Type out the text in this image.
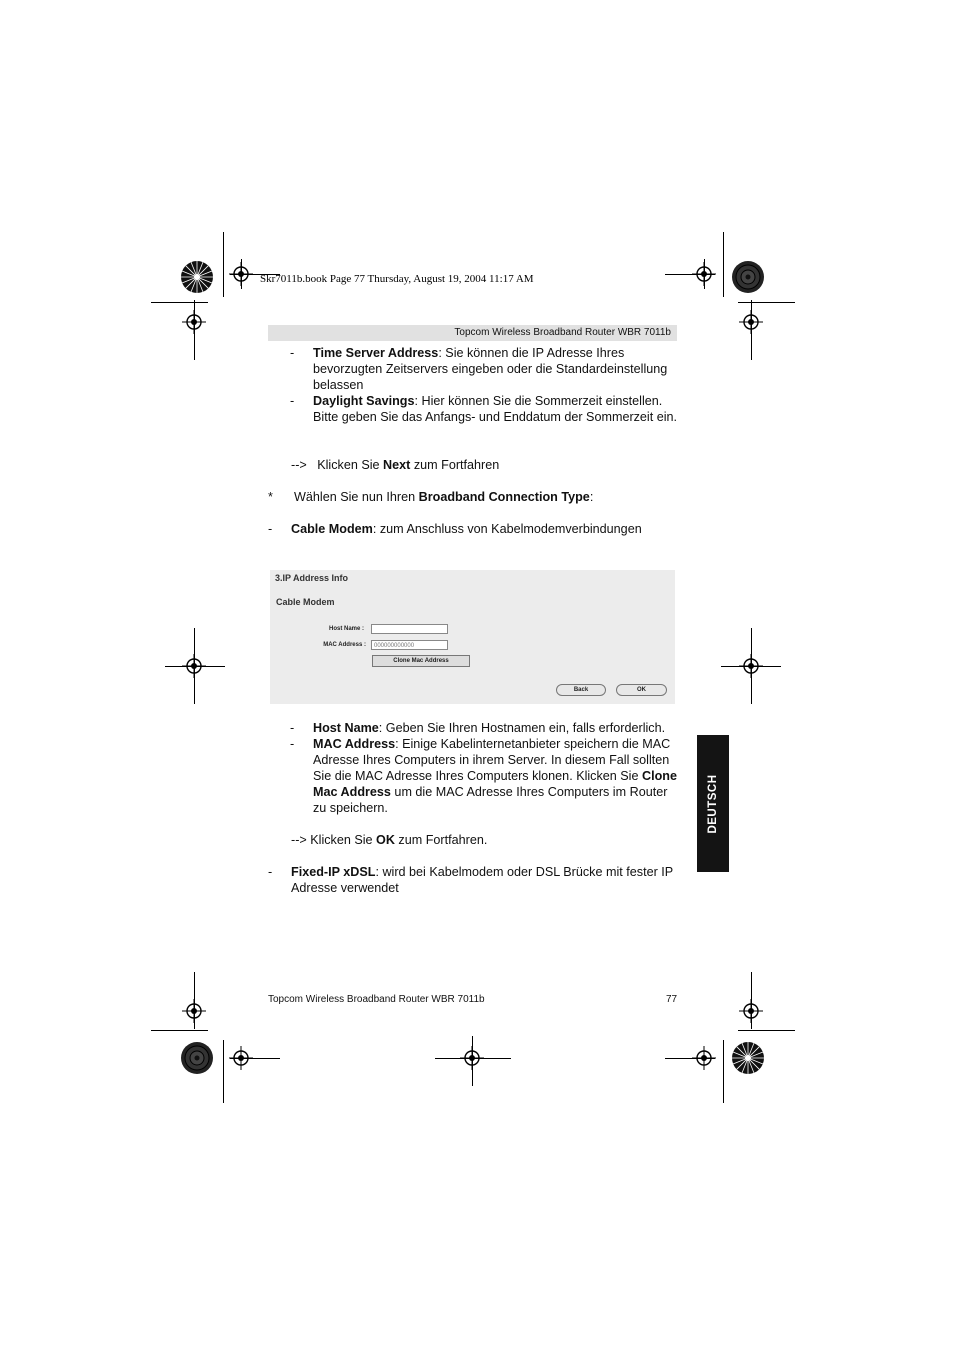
Skr7011b.book Page 77 Thursday, August 19, 2004 11:17 AM
Topcom Wireless Broadband Router WBR 7011b
- Time Server Address: Sie können die IP Adresse Ihres bevorzugten Zeitservers eingeben oder die Standardeinstellung belassen
- Daylight Savings: Hier können Sie die Sommerzeit einstellen. Bitte geben Sie das Anfangs- und Enddatum der Sommerzeit ein.
-->   Klicken Sie Next zum Fortfahren
* Wählen Sie nun Ihren Broadband Connection Type:
- Cable Modem: zum Anschluss von Kabelmodemverbindungen
3.IP Address Info
Cable Modem
Host Name :
MAC Address :	000000000000
Clone Mac Address
Back	OK
- Host Name: Geben Sie Ihren Hostnamen ein, falls erforderlich.
- MAC Address: Einige Kabelinternetanbieter speichern die MAC Adresse Ihres Computers in ihrem Server. In diesem Fall sollten Sie die MAC Adresse Ihres Computers klonen. Klicken Sie Clone Mac Address um die MAC Adresse Ihres Computers im Router zu speichern.
--> Klicken Sie OK zum Fortfahren.
- Fixed-IP xDSL: wird bei Kabelmodem oder DSL Brücke mit fester IP Adresse verwendet
DEUTSCH
Topcom Wireless Broadband Router WBR 7011b	77
